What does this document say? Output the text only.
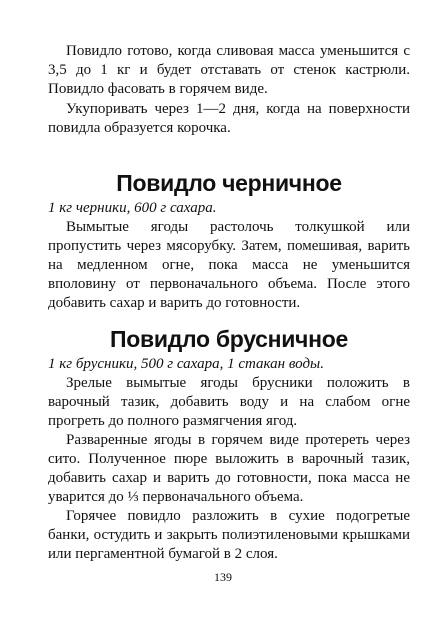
Повидло готово, когда сливовая масса уменьшится с 3,5 до 1 кг и будет отставать от стенок кастрюли. Повидло фасовать в горячем виде.

Укупоривать через 1—2 дня, когда на поверхности повидла образуется корочка.

Повидло черничное

1 кг черники, 600 г сахара.

Вымытые ягоды растолочь толкушкой или пропустить через мясорубку. Затем, помешивая, варить на медленном огне, пока масса не уменьшится вполовину от первоначального объема. После этого добавить сахар и варить до готовности.

Повидло брусничное

1 кг брусники, 500 г сахара, 1 стакан воды.

Зрелые вымытые ягоды брусники положить в варочный тазик, добавить воду и на слабом огне прогреть до полного размягчения ягод.

Разваренные ягоды в горячем виде протереть через сито. Полученное пюре выложить в варочный тазик, добавить сахар и варить до готовности, пока масса не уварится до ⅓ первоначального объема.

Горячее повидло разложить в сухие подогретые банки, остудить и закрыть полиэтиленовыми крышками или пергаментной бумагой в 2 слоя.

139
